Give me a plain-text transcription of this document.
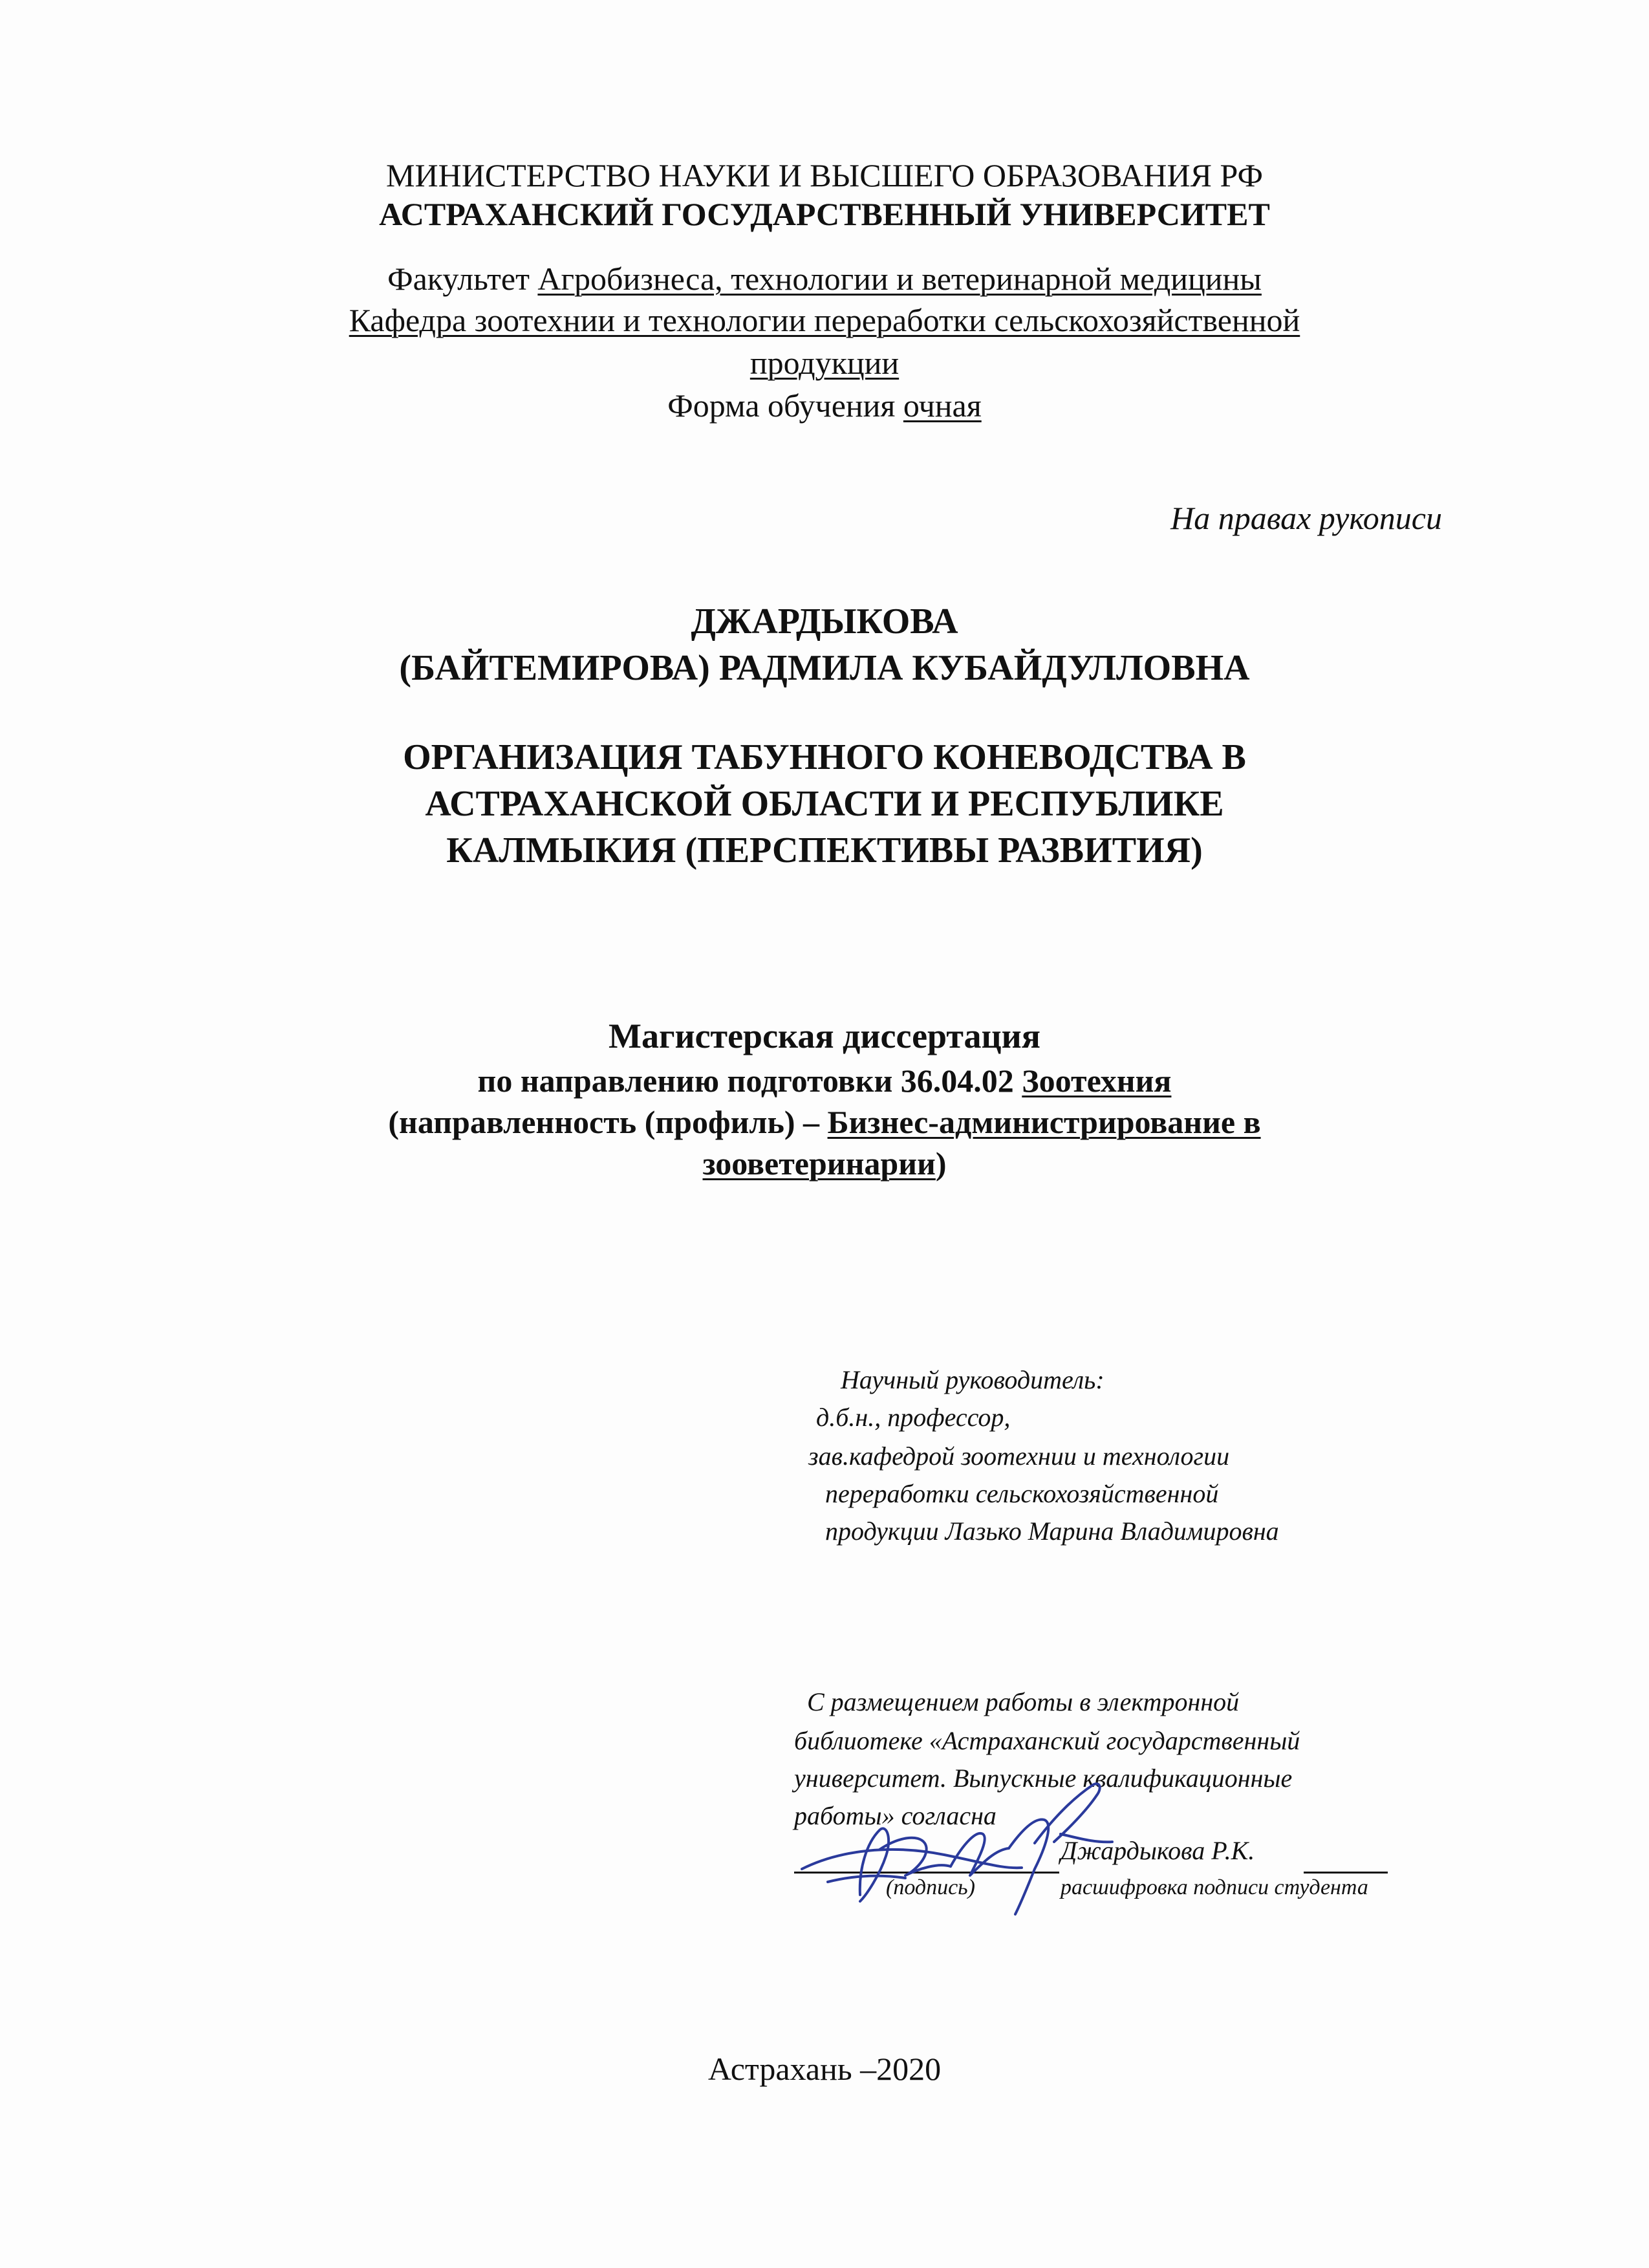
МИНИСТЕРСТВО НАУКИ И ВЫСШЕГО ОБРАЗОВАНИЯ РФ
АСТРАХАНСКИЙ ГОСУДАРСТВЕННЫЙ УНИВЕРСИТЕТ
Факультет Агробизнеса, технологии и ветеринарной медицины
Кафедра зоотехнии и технологии переработки сельскохозяйственной
продукции
Форма обучения очная
На правах рукописи
ДЖАРДЫКОВА
(БАЙТЕМИРОВА) РАДМИЛА КУБАЙДУЛЛОВНА
ОРГАНИЗАЦИЯ ТАБУННОГО КОНЕВОДСТВА В
АСТРАХАНСКОЙ ОБЛАСТИ И РЕСПУБЛИКЕ
КАЛМЫКИЯ (ПЕРСПЕКТИВЫ РАЗВИТИЯ)
Магистерская диссертация
по направлению подготовки 36.04.02 Зоотехния
(направленность (профиль) – Бизнес-администрирование в
зооветеринарии)
Научный руководитель:
д.б.н., профессор,
зав.кафедрой зоотехнии и технологии
переработки сельскохозяйственной
продукции Лазько Марина Владимировна
С размещением работы в электронной
библиотеке «Астраханский государственный
университет. Выпускные квалификационные
работы» согласна
Джардыкова Р.К.
(подпись)	расшифровка подписи студента
Астрахань –2020
